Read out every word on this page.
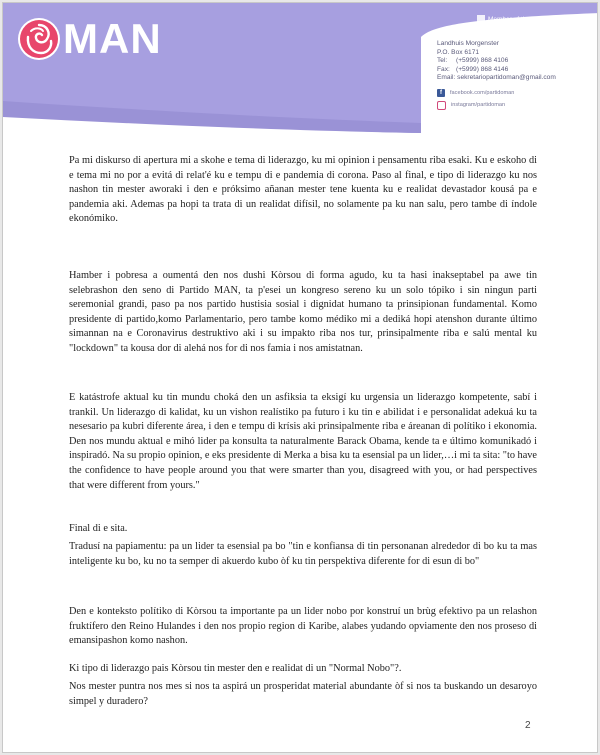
MAN	Member of the Socialist International
Landhuis Morgenster
P.O. Box 6171
Tel: (+5999) 868 4106
Fax: (+5999) 868 4146
Email: sekretariopartidoman@gmail.com
f	facebook.com/partidoman
instagram/partidoman

Pa mi diskurso di apertura mi a skohe e tema di liderazgo, ku mi opinion i pensamentu riba esaki. Ku e eskoho di e tema mi no por a evitá di relat'é ku e tempu di e pandemia di corona. Paso al final, e tipo di liderazgo ku nos nashon tin mester aworaki i den e próksimo añanan mester tene kuenta ku e realidat devastador kousá pa e pandemia aki. Ademas pa hopi ta trata di un realidat difísil, no solamente pa ku nan salu, pero tambe di índole ekonómiko.

Hamber i pobresa a oumentá den nos dushi Kòrsou di forma agudo, ku ta hasi inakseptabel pa awe tin selebrashon den seno di Partido MAN, ta p'esei un kongreso sereno ku un solo tópiko i sin ningun parti seremonial grandi, paso pa nos partido hustisia sosial i dignidat humano ta prinsipionan fundamental. Komo presidente di partido,komo Parlamentario, pero tambe komo médiko mi a dediká hopi atenshon durante último simannan na e Coronavirus destruktivo aki i su impakto riba nos tur, prinsipalmente riba e salú mental ku "lockdown" ta kousa dor di alehá nos for di nos famia i nos amistatnan.

E katástrofe aktual ku tin mundu choká den un asfiksia ta eksigí ku urgensia un liderazgo kompetente, sabí i trankil. Un liderazgo di kalidat, ku un vishon realístiko pa futuro i ku tin e abilidat i e personalidat adekuá ku ta nesesario pa kubri diferente área, i den e tempu di krísis aki prinsipalmente riba e áreanan di polítiko i ekonomia. Den nos mundu aktual e mihó lider pa konsulta ta naturalmente Barack Obama, kende ta e último komunikadó i inspiradó. Na su propio opinion, e eks presidente di Merka a bisa ku ta esensial pa un lider,…i mi ta sita: "to have the confidence to have people around you that were smarter than you, disagreed with you, or had perspectives that were different from yours."

Final di e sita.

Tradusí na papiamentu: pa un lider ta esensial pa bo "tin e konfiansa di tin personanan alrededor di bo ku ta mas inteligente ku bo, ku no ta semper di akuerdo kubo òf ku tin perspektiva diferente for di esun di bo"

Den e konteksto polítiko di Kòrsou ta importante pa un lider nobo por konstruí un brùg efektivo pa un relashon fruktífero den Reino Hulandes i den nos propio region di Karibe, alabes yudando opviamente den nos proseso di emansipashon komo nashon.

Ki tipo di liderazgo pais Kòrsou tin mester den e realidat di un "Normal Nobo"?.

Nos mester puntra nos mes si nos ta aspirá un prosperidat material abundante òf si nos ta buskando un desaroyo simpel y duradero?

2
